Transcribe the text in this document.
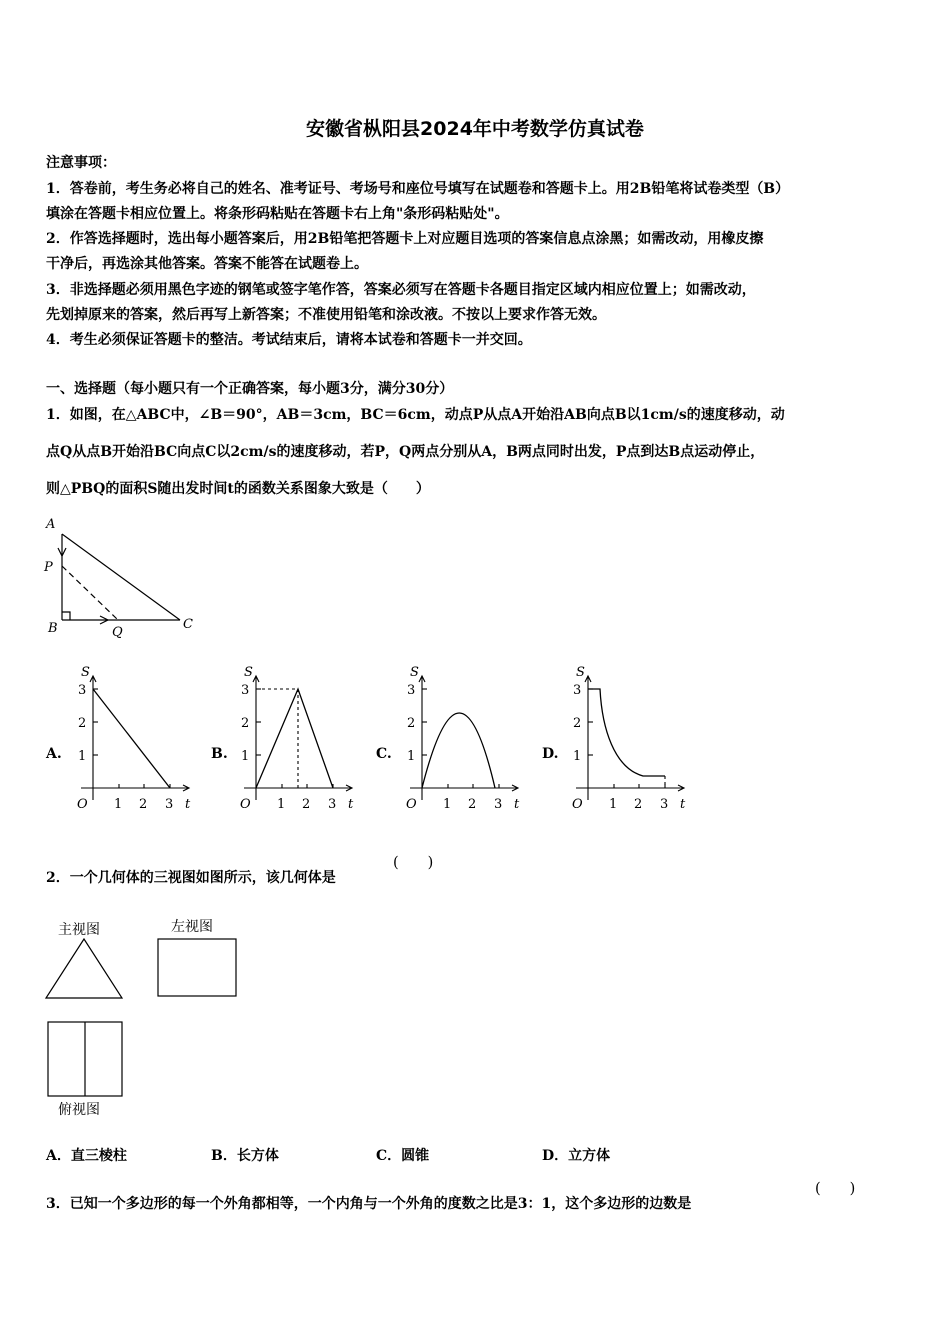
安徽省枞阳县2024年中考数学仿真试卷
注意事项：
1．答卷前，考生务必将自己的姓名、准考证号、考场号和座位号填写在试题卷和答题卡上。用2B铅笔将试卷类型（B）
填涂在答题卡相应位置上。将条形码粘贴在答题卡右上角"条形码粘贴处"。
2．作答选择题时，选出每小题答案后，用2B铅笔把答题卡上对应题目选项的答案信息点涂黑；如需改动，用橡皮擦
干净后，再选涂其他答案。答案不能答在试题卷上。
3．非选择题必须用黑色字迹的钢笔或签字笔作答，答案必须写在答题卡各题目指定区域内相应位置上；如需改动，
先划掉原来的答案，然后再写上新答案；不准使用铅笔和涂改液。不按以上要求作答无效。
4．考生必须保证答题卡的整洁。考试结束后，请将本试卷和答题卡一并交回。
一、选择题（每小题只有一个正确答案，每小题3分，满分30分）
1．如图，在△ABC中，∠B＝90°，AB＝3cm，BC＝6cm，动点P从点A开始沿AB向点B以1cm/s的速度移动，动
点Q从点B开始沿BC向点C以2cm/s的速度移动，若P，Q两点分别从A，B两点同时出发，P点到达B点运动停止，
则△PBQ的面积S随出发时间t的函数关系图象大致是（　　）
A
P
B	Q
C
S
t
O 1 2 3
1
2
3
A.
S
t
O 1 2 3
1
2
3
B.
S
t
O 1 2 3
1
2
3
C.
S
t
O 1 2 3
1
2
3
D.
主视图	左视图
俯视图
2．一个几何体的三视图如图所示，该几何体是
(　　)
A．直三棱柱	B．长方体	C．圆锥	D．立方体
3．已知一个多边形的每一个外角都相等，一个内角与一个外角的度数之比是3：1，这个多边形的边数是
(　　)
